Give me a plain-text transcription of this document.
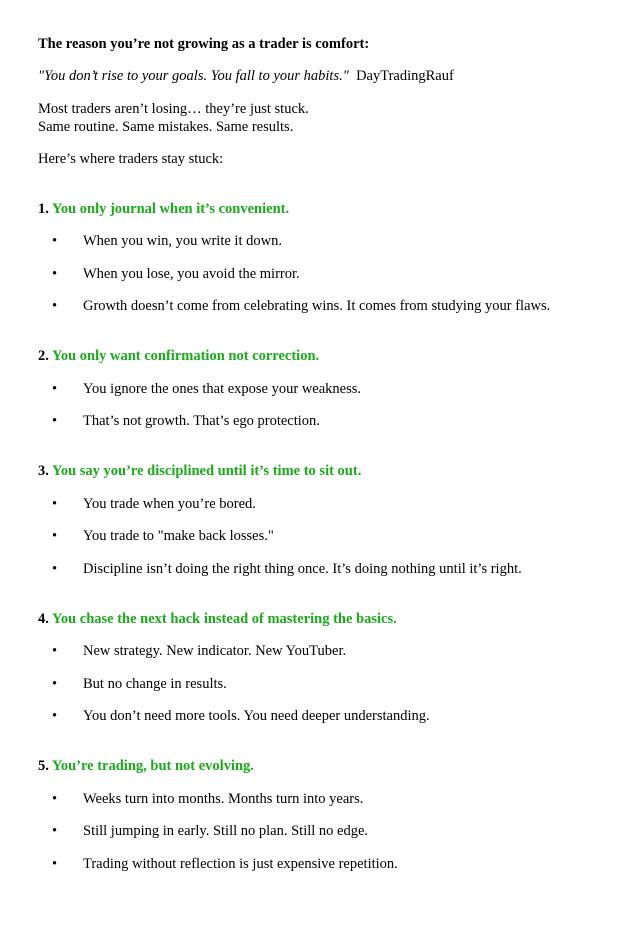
The reason you’re not growing as a trader is comfort:
"You don’t rise to your goals. You fall to your habits." DayTradingRauf
Most traders aren’t losing… they’re just stuck.
Same routine. Same mistakes. Same results.
Here’s where traders stay stuck:
1. You only journal when it’s convenient.
• When you win, you write it down.
• When you lose, you avoid the mirror.
• Growth doesn’t come from celebrating wins. It comes from studying your flaws.
2. You only want confirmation not correction.
• You ignore the ones that expose your weakness.
• That’s not growth. That’s ego protection.
3. You say you’re disciplined until it’s time to sit out.
• You trade when you’re bored.
• You trade to "make back losses."
• Discipline isn’t doing the right thing once. It’s doing nothing until it’s right.
4. You chase the next hack instead of mastering the basics.
• New strategy. New indicator. New YouTuber.
• But no change in results.
• You don’t need more tools. You need deeper understanding.
5. You’re trading, but not evolving.
• Weeks turn into months. Months turn into years.
• Still jumping in early. Still no plan. Still no edge.
• Trading without reflection is just expensive repetition.
